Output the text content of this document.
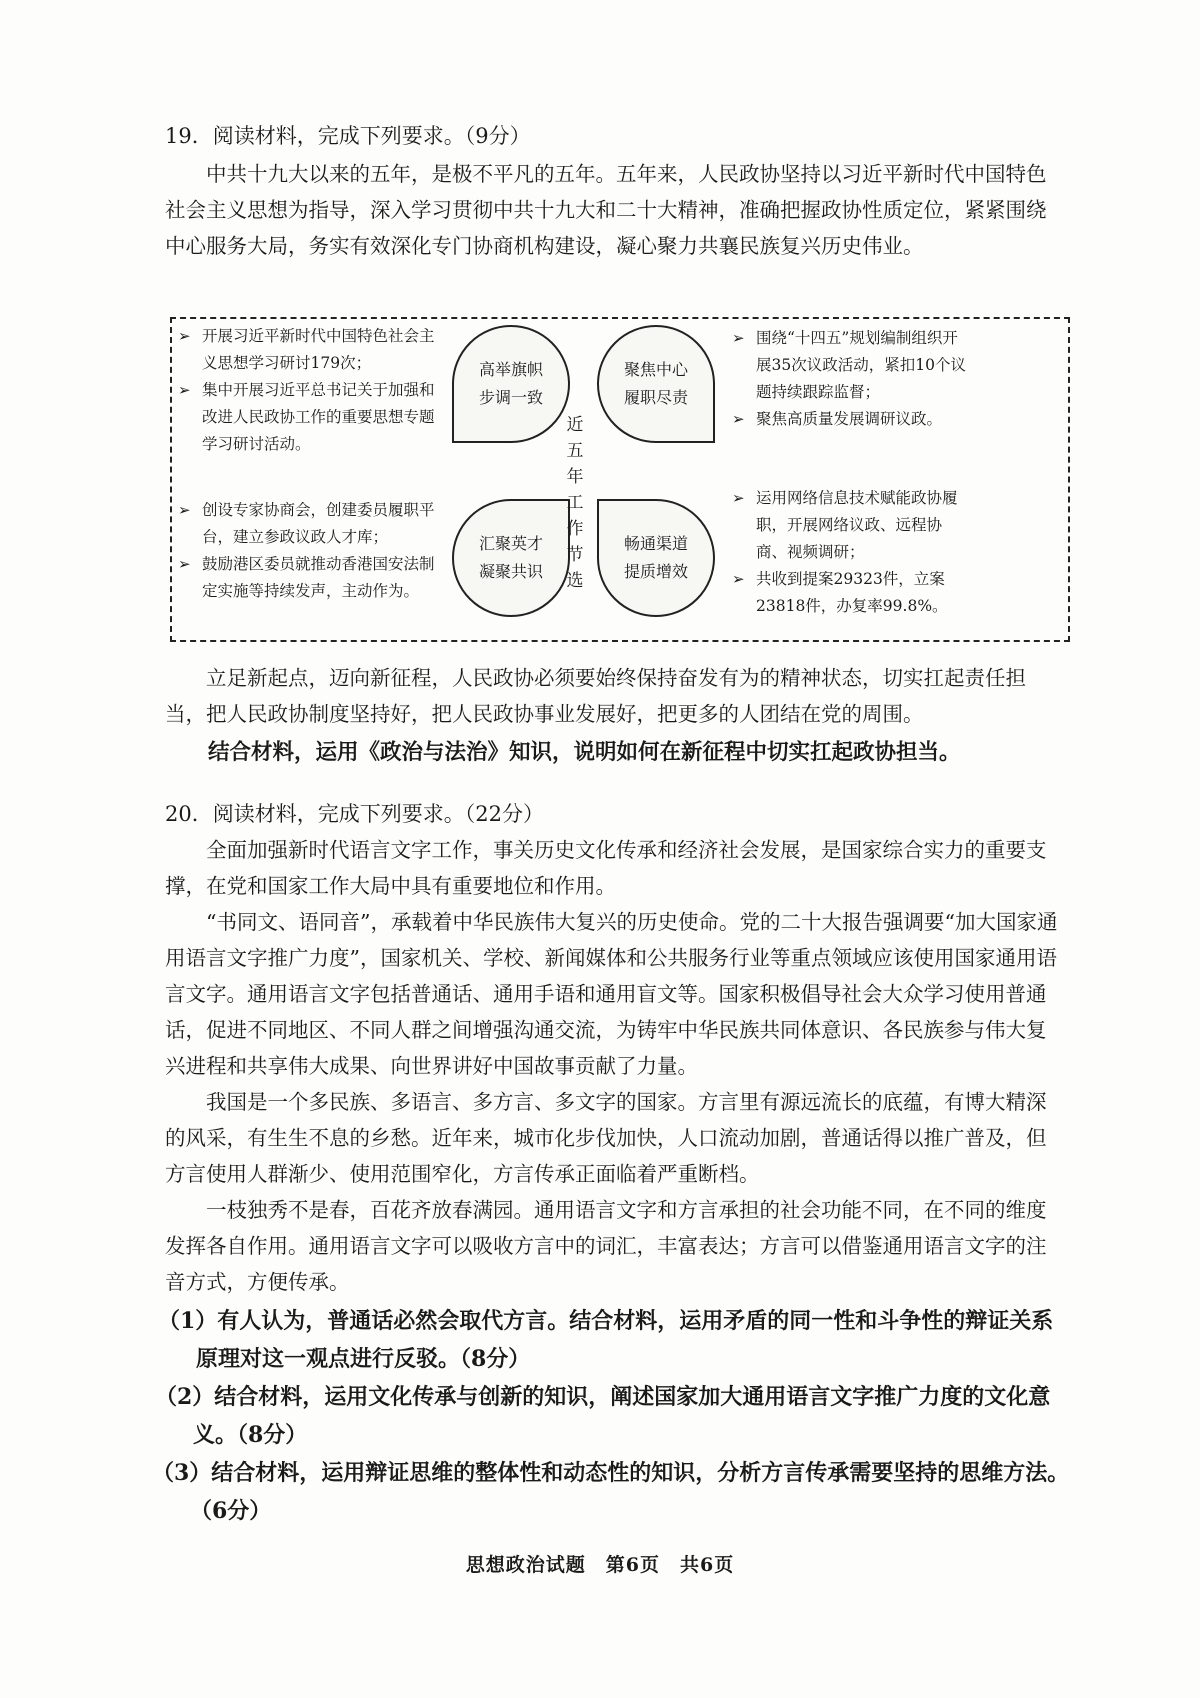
19．阅读材料，完成下列要求。（9分）

中共十九大以来的五年，是极不平凡的五年。五年来，人民政协坚持以习近平新时代中国特色社会主义思想为指导，深入学习贯彻中共十九大和二十大精神，准确把握政协性质定位，紧紧围绕中心服务大局，务实有效深化专门协商机构建设，凝心聚力共襄民族复兴历史伟业。

➢ 开展习近平新时代中国特色社会主义思想学习研讨179次；
➢ 集中开展习近平总书记关于加强和改进人民政协工作的重要思想专题学习研讨活动。
➢ 围绕“十四五”规划编制组织开展35次议政活动，紧扣10个议题持续跟踪监督；
➢ 聚焦高质量发展调研议政。
➢ 创设专家协商会，创建委员履职平台，建立参政议政人才库；
➢ 鼓励港区委员就推动香港国安法制定实施等持续发声，主动作为。
➢ 运用网络信息技术赋能政协履职，开展网络议政、远程协商、视频调研；
➢ 共收到提案29323件，立案23818件，办复率99.8%。
高举旗帜
步调一致
聚焦中心
履职尽责
汇聚英才
凝聚共识
畅通渠道
提质增效
近五年工作节选

立足新起点，迈向新征程，人民政协必须要始终保持奋发有为的精神状态，切实扛起责任担当，把人民政协制度坚持好，把人民政协事业发展好，把更多的人团结在党的周围。

结合材料，运用《政治与法治》知识，说明如何在新征程中切实扛起政协担当。

20．阅读材料，完成下列要求。（22分）

全面加强新时代语言文字工作，事关历史文化传承和经济社会发展，是国家综合实力的重要支撑，在党和国家工作大局中具有重要地位和作用。

“书同文、语同音”，承载着中华民族伟大复兴的历史使命。党的二十大报告强调要“加大国家通用语言文字推广力度”，国家机关、学校、新闻媒体和公共服务行业等重点领域应该使用国家通用语言文字。通用语言文字包括普通话、通用手语和通用盲文等。国家积极倡导社会大众学习使用普通话，促进不同地区、不同人群之间增强沟通交流，为铸牢中华民族共同体意识、各民族参与伟大复兴进程和共享伟大成果、向世界讲好中国故事贡献了力量。

我国是一个多民族、多语言、多方言、多文字的国家。方言里有源远流长的底蕴，有博大精深的风采，有生生不息的乡愁。近年来，城市化步伐加快，人口流动加剧，普通话得以推广普及，但方言使用人群渐少、使用范围窄化，方言传承正面临着严重断档。

一枝独秀不是春，百花齐放春满园。通用语言文字和方言承担的社会功能不同，在不同的维度发挥各自作用。通用语言文字可以吸收方言中的词汇，丰富表达；方言可以借鉴通用语言文字的注音方式，方便传承。

（1）有人认为，普通话必然会取代方言。结合材料，运用矛盾的同一性和斗争性的辩证关系原理对这一观点进行反驳。（8分）

（2）结合材料，运用文化传承与创新的知识，阐述国家加大通用语言文字推广力度的文化意义。（8分）

（3）结合材料，运用辩证思维的整体性和动态性的知识，分析方言传承需要坚持的思维方法。（6分）

思想政治试题　第6页　共6页
